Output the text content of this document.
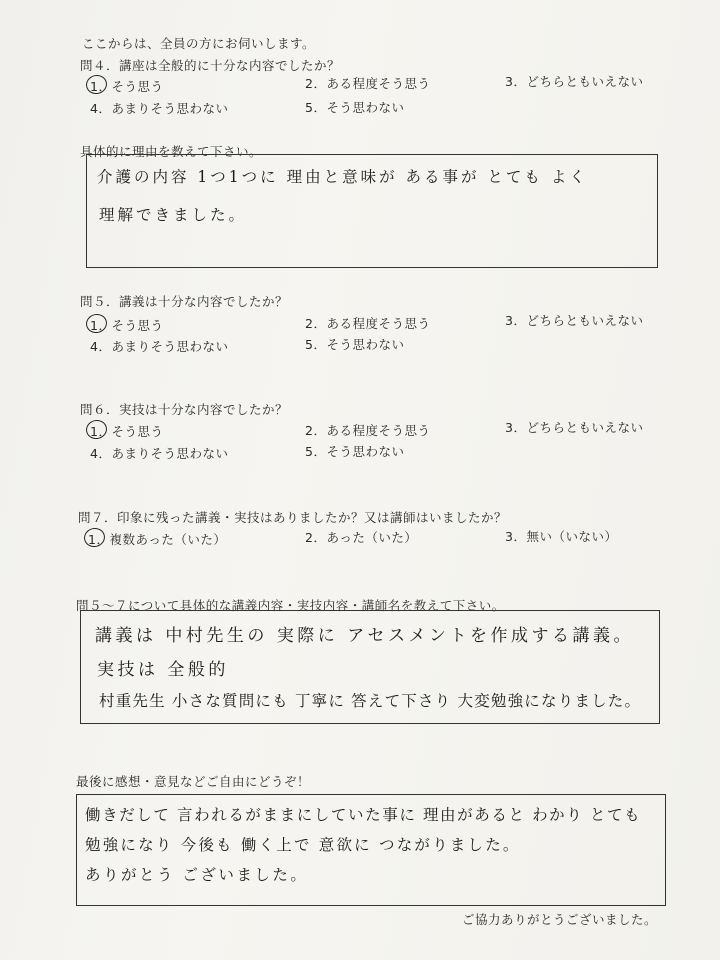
ここからは、全員の方にお伺いします。
問４．講座は全般的に十分な内容でしたか？
1．そう思う	2．ある程度そう思う	3．どちらともいえない
4．あまりそう思わない	5．そう思わない
具体的に理由を教えて下さい。
介護の内容 1つ1つに 理由と意味が ある事が とても よく
理解できました。
問５．講義は十分な内容でしたか？
1．そう思う	2．ある程度そう思う	3．どちらともいえない
4．あまりそう思わない	5．そう思わない
問６．実技は十分な内容でしたか？
1．そう思う	2．ある程度そう思う	3．どちらともいえない
4．あまりそう思わない	5．そう思わない
問７．印象に残った講義・実技はありましたか？又は講師はいましたか？
1．複数あった（いた）	2．あった（いた）	3．無い（いない）
問５～７について具体的な講義内容・実技内容・講師名を教えて下さい。
講義は 中村先生の 実際に アセスメントを作成する講義。
実技は 全般的
村重先生 小さな質問にも 丁寧に 答えて下さり 大変勉強になりました。
最後に感想・意見などご自由にどうぞ！
働きだして 言われるがままにしていた事に 理由があると わかり とても
勉強になり 今後も 働く上で 意欲に つながりました。
ありがとう ございました。
ご協力ありがとうございました。
